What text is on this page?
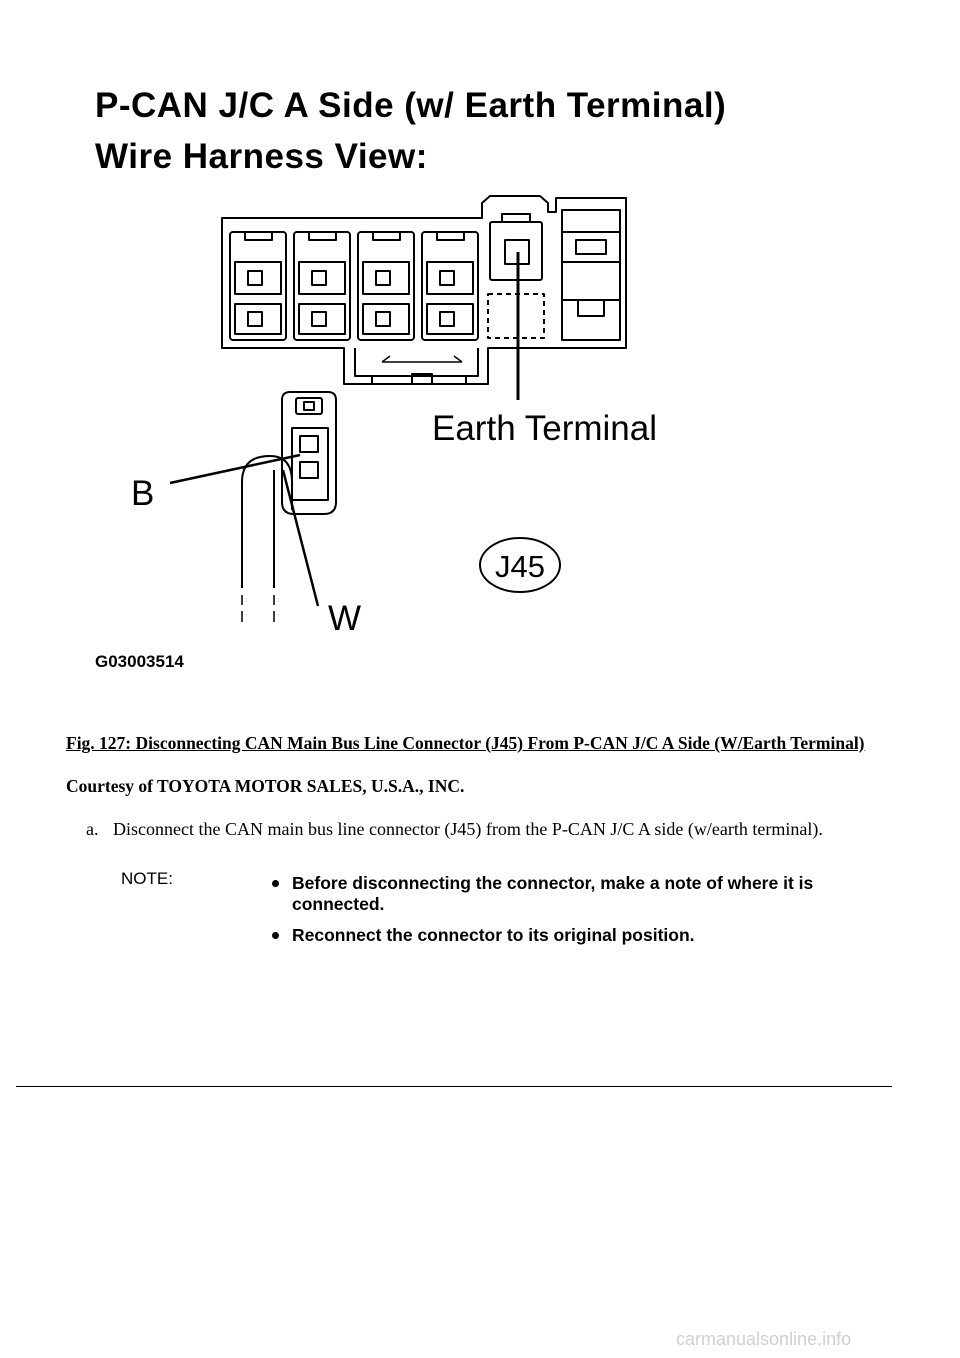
P-CAN J/C A Side (w/ Earth Terminal)
Wire Harness View:
Earth Terminal
B
W
J45
G03003514
Fig. 127: Disconnecting CAN Main Bus Line Connector (J45) From P-CAN J/C A Side (W/Earth Terminal)
Courtesy of TOYOTA MOTOR SALES, U.S.A., INC.
a. Disconnect the CAN main bus line connector (J45) from the P-CAN J/C A side (w/earth terminal).
NOTE:	Before disconnecting the connector, make a note of where it is connected.
Reconnect the connector to its original position.
carmanualsonline.info
